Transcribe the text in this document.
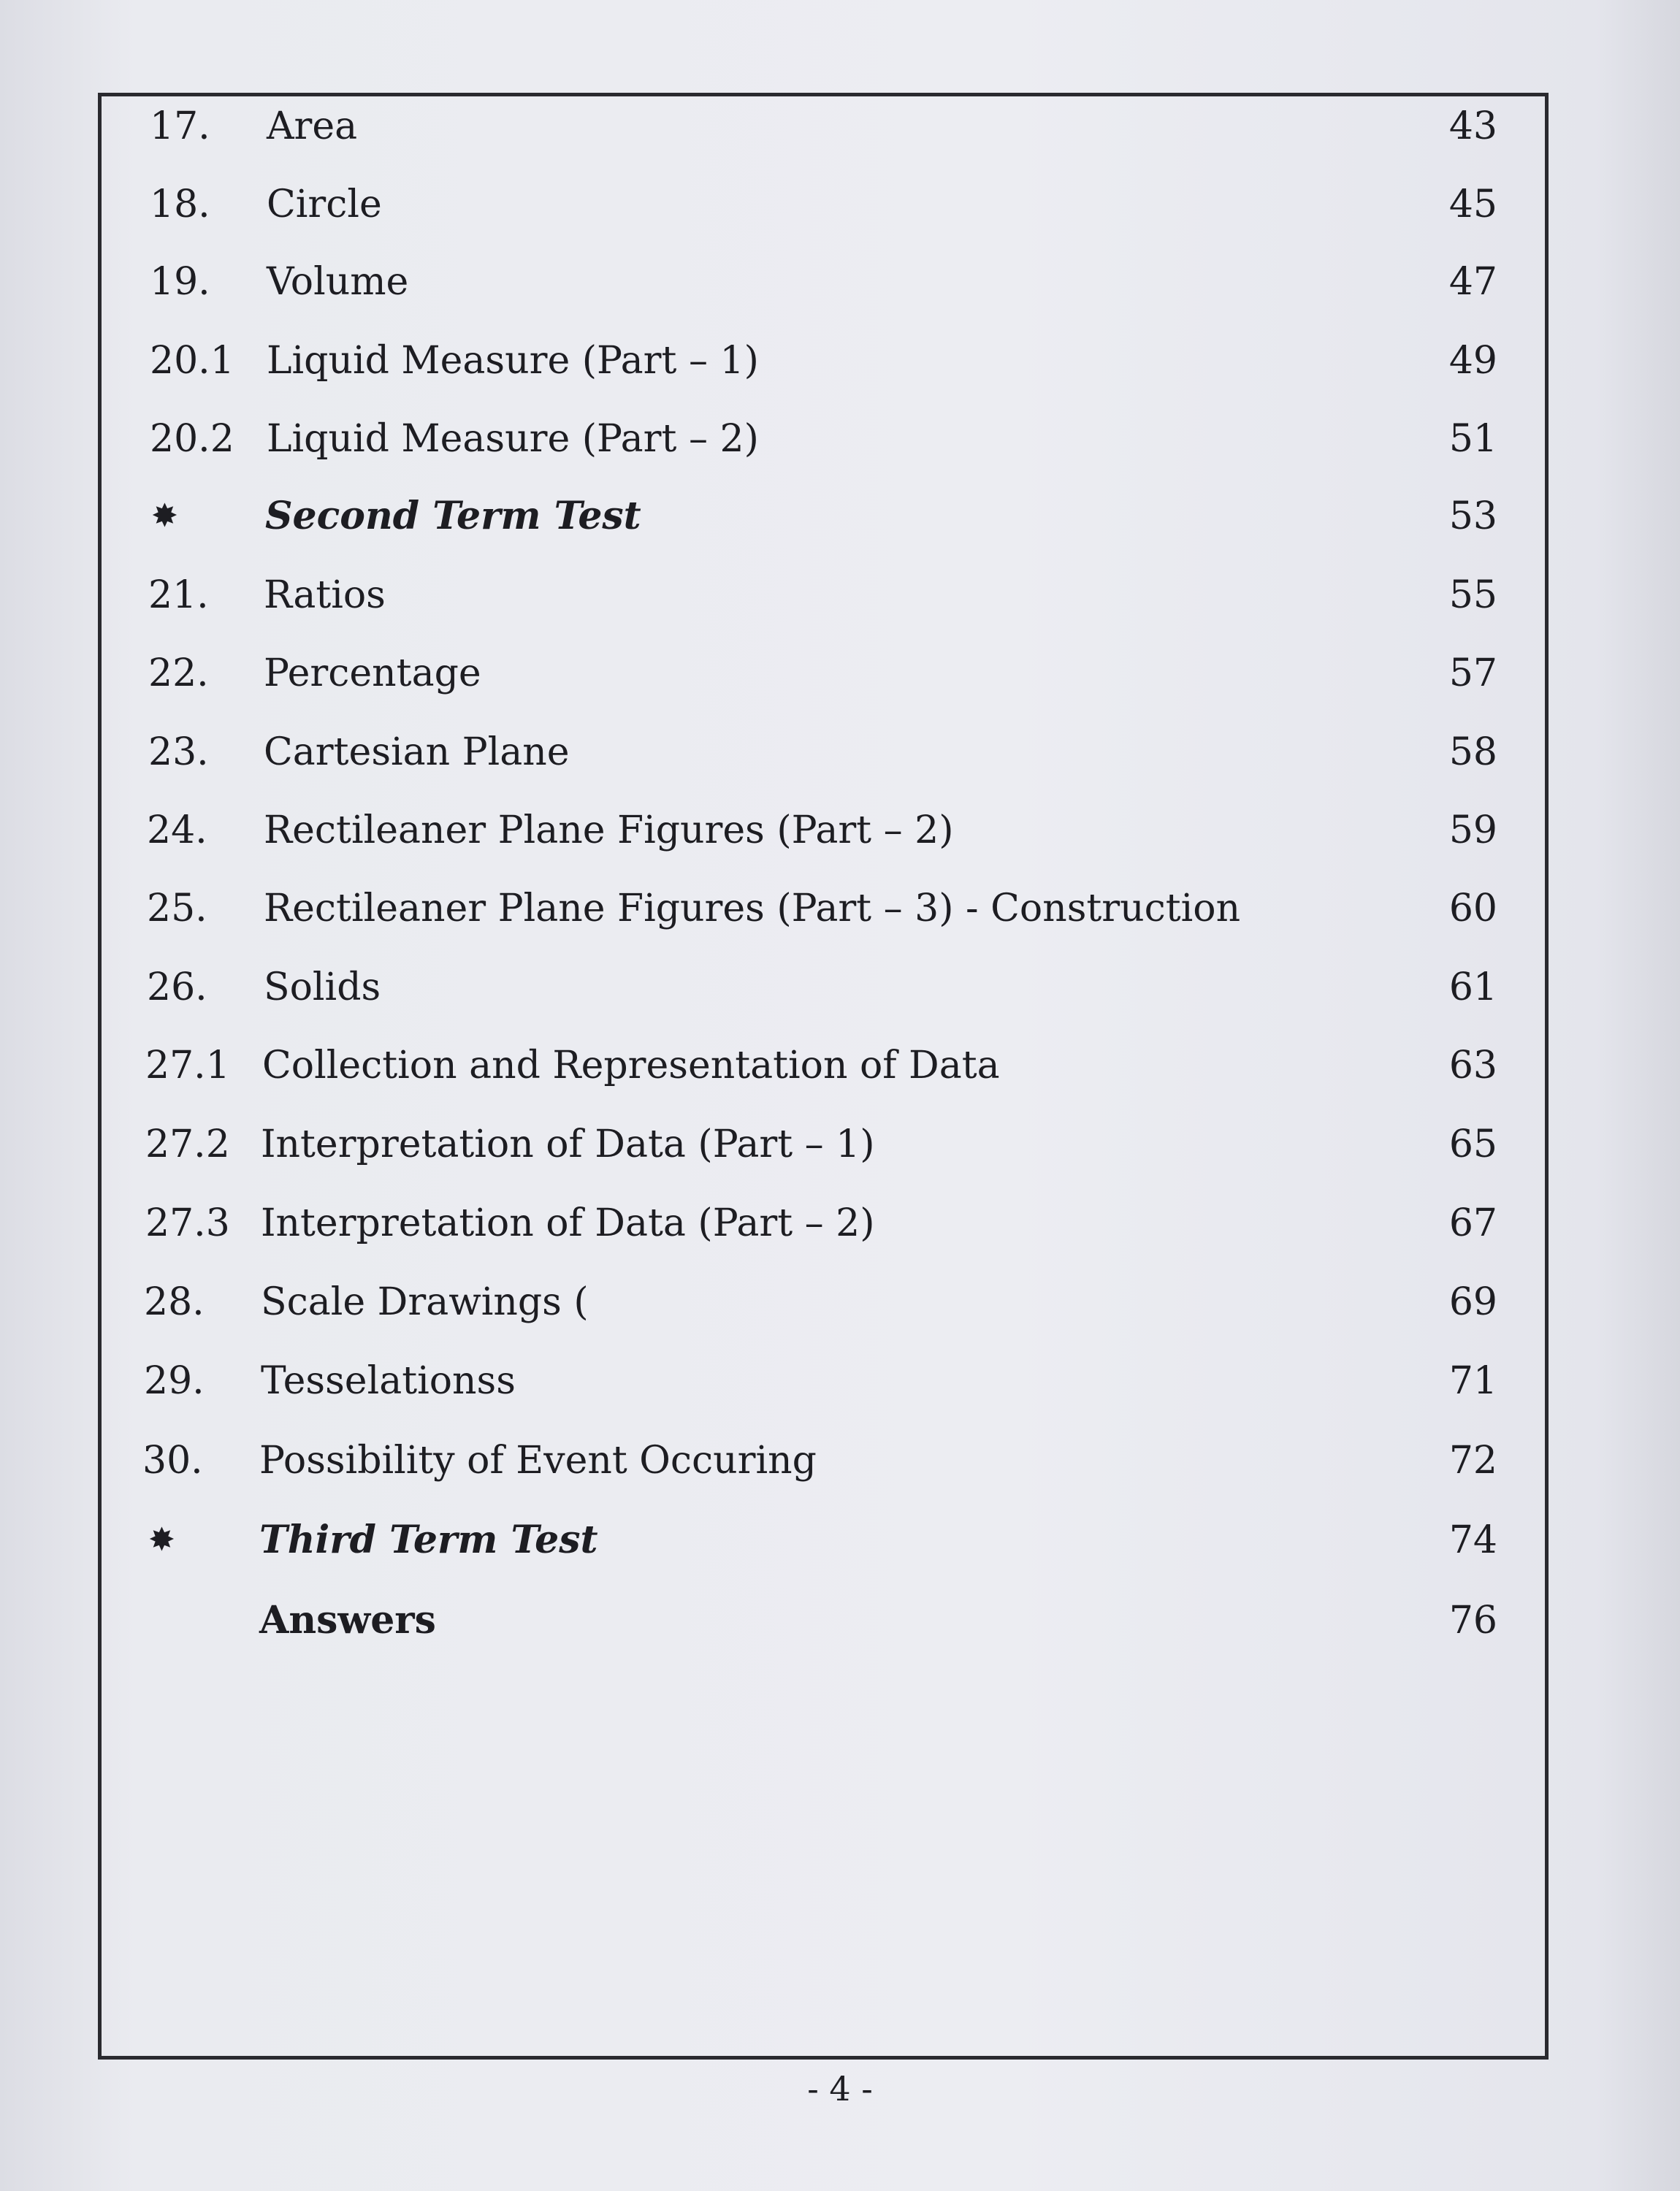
17. Area	43
18. Circle	45
19. Volume	47
20.1 Liquid Measure (Part – 1)	49
20.2 Liquid Measure (Part – 2)	51
✸ Second Term Test	53
21. Ratios	55
22. Percentage	57
23. Cartesian Plane	58
24. Rectileaner Plane Figures (Part – 2)	59
25. Rectileaner Plane Figures (Part – 3) - Construction	60
26. Solids	61
27.1 Collection and Representation of Data	63
27.2 Interpretation of Data (Part – 1)	65
27.3 Interpretation of Data (Part – 2)	67
28. Scale Drawings (	69
29. Tesselationss	71
30. Possibility of Event Occuring	72
✸ Third Term Test	74
Answers	76
- 4 -
